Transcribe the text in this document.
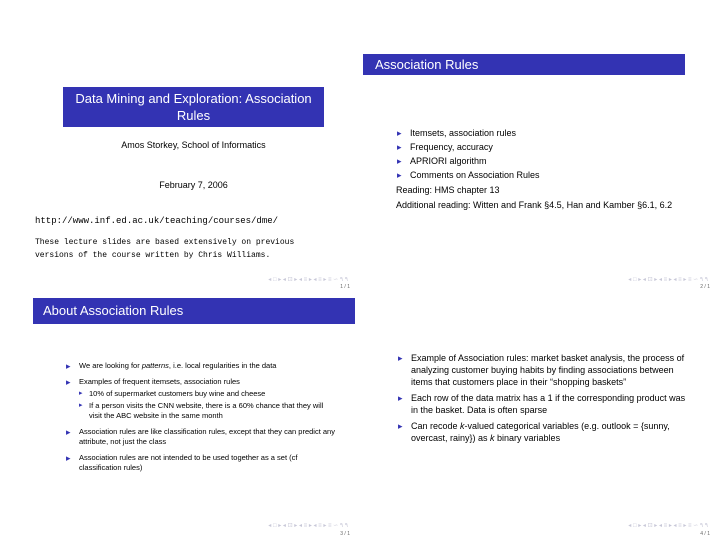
Data Mining and Exploration: Association Rules
Amos Storkey, School of Informatics
February 7, 2006
http://www.inf.ed.ac.uk/teaching/courses/dme/
These lecture slides are based extensively on previous versions of the course written by Chris Williams.
◂ □ ▸ ◂ ⊡ ▸ ◂ ≡ ▸ ◂ ≡ ▸ ≡ ∽ ۹ ۹
1 / 1
Association Rules
▸ Itemsets, association rules
▸ Frequency, accuracy
▸ APRIORI algorithm
▸ Comments on Association Rules
Reading: HMS chapter 13
Additional reading: Witten and Frank §4.5, Han and Kamber §6.1, 6.2
◂ □ ▸ ◂ ⊡ ▸ ◂ ≡ ▸ ◂ ≡ ▸ ≡ ∽ ۹ ۹
2 / 1
About Association Rules
▸ We are looking for patterns, i.e. local regularities in the data
▸ Examples of frequent itemsets, association rules
▸ 10% of supermarket customers buy wine and cheese
▸ If a person visits the CNN website, there is a 60% chance that they will visit the ABC website in the same month
▸ Association rules are like classification rules, except that they can predict any attribute, not just the class
▸ Association rules are not intended to be used together as a set (cf classification rules)
◂ □ ▸ ◂ ⊡ ▸ ◂ ≡ ▸ ◂ ≡ ▸ ≡ ∽ ۹ ۹
3 / 1
▸ Example of Association rules: market basket analysis, the process of analyzing customer buying habits by finding associations between items that customers place in their “shopping baskets”
▸ Each row of the data matrix has a 1 if the corresponding product was in the basket. Data is often sparse
▸ Can recode k-valued categorical variables (e.g. outlook = {sunny, overcast, rainy}) as k binary variables
◂ □ ▸ ◂ ⊡ ▸ ◂ ≡ ▸ ◂ ≡ ▸ ≡ ∽ ۹ ۹
4 / 1
